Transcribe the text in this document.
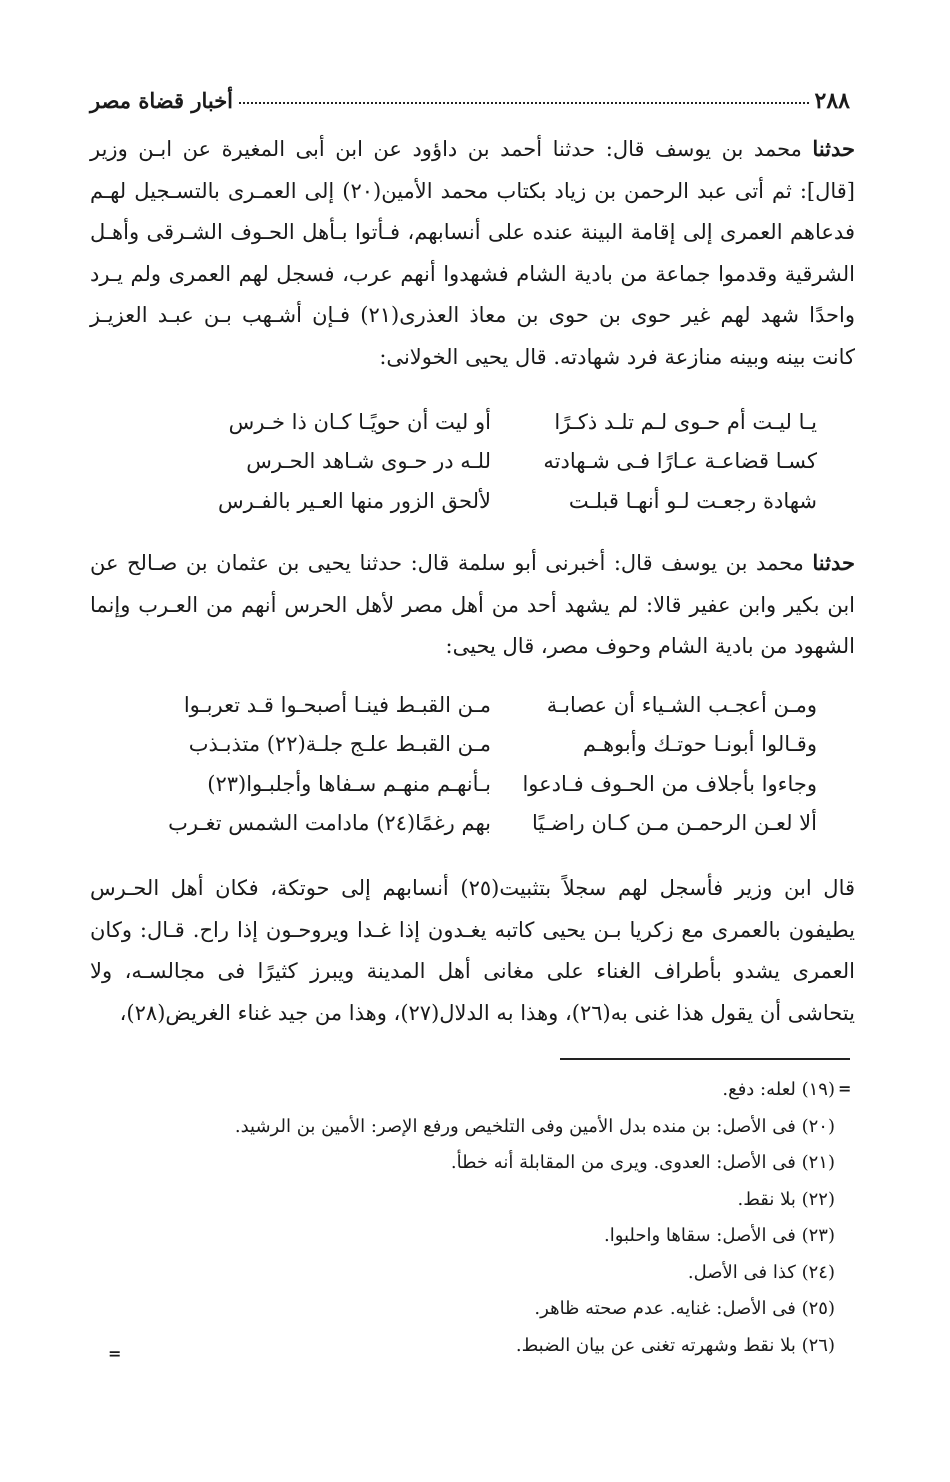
٢٨٨
أخبار قضاة مصر
حدثنا محمد بن يوسف قال: حدثنا أحمد بن داؤود عن ابن أبى المغيرة عن ابـن وزير [قال]: ثم أتى عبد الرحمن بن زياد بكتاب محمد الأمين(٢٠) إلى العمـرى بالتسـجيل لهـم فدعاهم العمرى إلى إقامة البينة عنده على أنسابهم، فـأتوا بـأهل الحـوف الشـرقى وأهـل الشرقية وقدموا جماعة من بادية الشام فشهدوا أنهم عرب، فسجل لهم العمرى ولم يـرد واحدًا شهد لهم غير حوى بن حوى بن معاذ العذرى(٢١) فـإن أشـهب بـن عبـد العزيـز كانت بينه وبينه منازعة فرد شهادته. قال يحيى الخولانى:
يـا ليـت أم حـوى لـم تلـد ذكـرًا
أو ليت أن حويًـا كـان ذا خـرس
كسـا قضاعـة عـارًا فـى شـهادته
للـه در حـوى شـاهد الحـرس
شهادة رجعـت لـو أنهـا قبلـت
لألحق الزور منها العـير بالفـرس
حدثنا محمد بن يوسف قال: أخبرنى أبو سلمة قال: حدثنا يحيى بن عثمان بن صـالح عن ابن بكير وابن عفير قالا: لم يشهد أحد من أهل مصر لأهل الحرس أنهم من العـرب وإنما الشهود من بادية الشام وحوف مصر، قال يحيى:
ومـن أعجـب الشـياء أن عصابـة
مـن القبـط فينـا أصبحـوا قـد تعربـوا
وقـالوا أبونـا حوتـك وأبوهـم
مـن القبـط علـج جلـة(٢٢) متذبـذب
وجاءوا بأجلاف من الحـوف فـادعوا
بـأنهـم منهـم سـفاها وأجلبـوا(٢٣)
ألا لعـن الرحمـن مـن كـان راضـيًا
بهم رغمًا(٢٤) مادامت الشمس تغـرب
قال ابن وزير فأسجل لهم سجلاً بتثبيت(٢٥) أنسابهم إلى حوتكة، فكان أهل الحـرس يطيفون بالعمرى مع زكريا بـن يحيى كاتبه يغـدون إذا غـدا ويروحـون إذا راح. قـال: وكان العمرى يشدو بأطراف الغناء على مغانى أهل المدينة ويبرز كثيرًا فى مجالسـه، ولا يتحاشى أن يقول هذا غنى به(٢٦)، وهذا به الدلال(٢٧)، وهذا من جيد غناء الغريض(٢٨)،
=
(١٩) لعله: دفع.
(٢٠) فى الأصل: بن منده بدل الأمين وفى التلخيص ورفع الإصر: الأمين بن الرشيد.
(٢١) فى الأصل: العدوى. ويرى من المقابلة أنه خطأ.
(٢٢) بلا نقط.
(٢٣) فى الأصل: سقاها واحلبوا.
(٢٤) كذا فى الأصل.
(٢٥) فى الأصل: غنايه. عدم صحته ظاهر.
(٢٦) بلا نقط وشهرته تغنى عن بيان الضبط.
=
